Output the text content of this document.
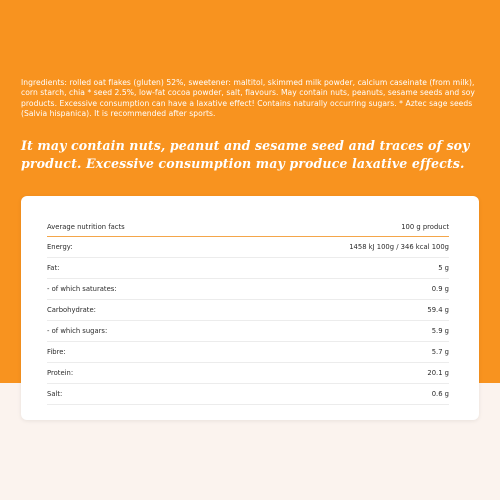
Ingredients: rolled oat flakes (gluten) 52%, sweetener: maltitol, skimmed milk powder, calcium caseinate (from milk), corn starch, chia * seed 2.5%, low-fat cocoa powder, salt, flavours. May contain nuts, peanuts, sesame seeds and soy products. Excessive consumption can have a laxative effect! Contains naturally occurring sugars. * Aztec sage seeds (Salvia hispanica). It is recommended after sports.
It may contain nuts, peanut and sesame seed and traces of soy product. Excessive consumption may produce laxative effects.
Average nutrition facts	100 g product
Energy:	1458 kJ 100g / 346 kcal 100g
Fat:	5 g
- of which saturates:	0.9 g
Carbohydrate:	59.4 g
- of which sugars:	5.9 g
Fibre:	5.7 g
Protein:	20.1 g
Salt:	0.6 g
